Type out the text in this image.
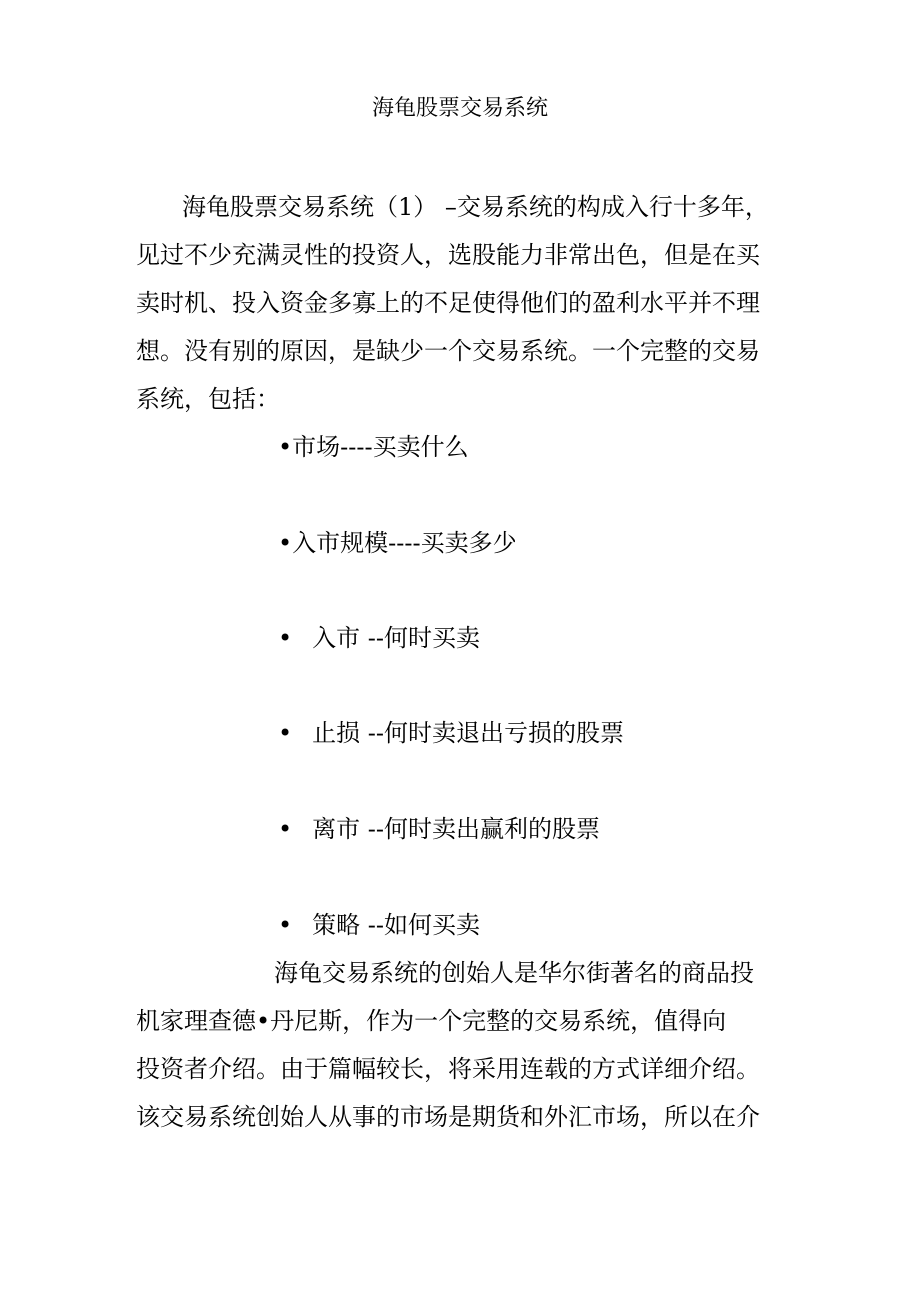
海龟股票交易系统
海龟股票交易系统（1） –交易系统的构成入行十多年，
见过不少充满灵性的投资人，选股能力非常出色，但是在买
卖时机、投入资金多寡上的不足使得他们的盈利水平并不理
想。没有别的原因，是缺少一个交易系统。一个完整的交易
系统，包括：
•市场----买卖什么
•入市规模----买卖多少
• 入市 --何时买卖
• 止损 --何时卖退出亏损的股票
• 离市 --何时卖出赢利的股票
• 策略 --如何买卖
海龟交易系统的创始人是华尔街著名的商品投
机家理查德•丹尼斯，作为一个完整的交易系统，值得向
投资者介绍。由于篇幅较长，将采用连载的方式详细介绍。
该交易系统创始人从事的市场是期货和外汇市场，所以在介
